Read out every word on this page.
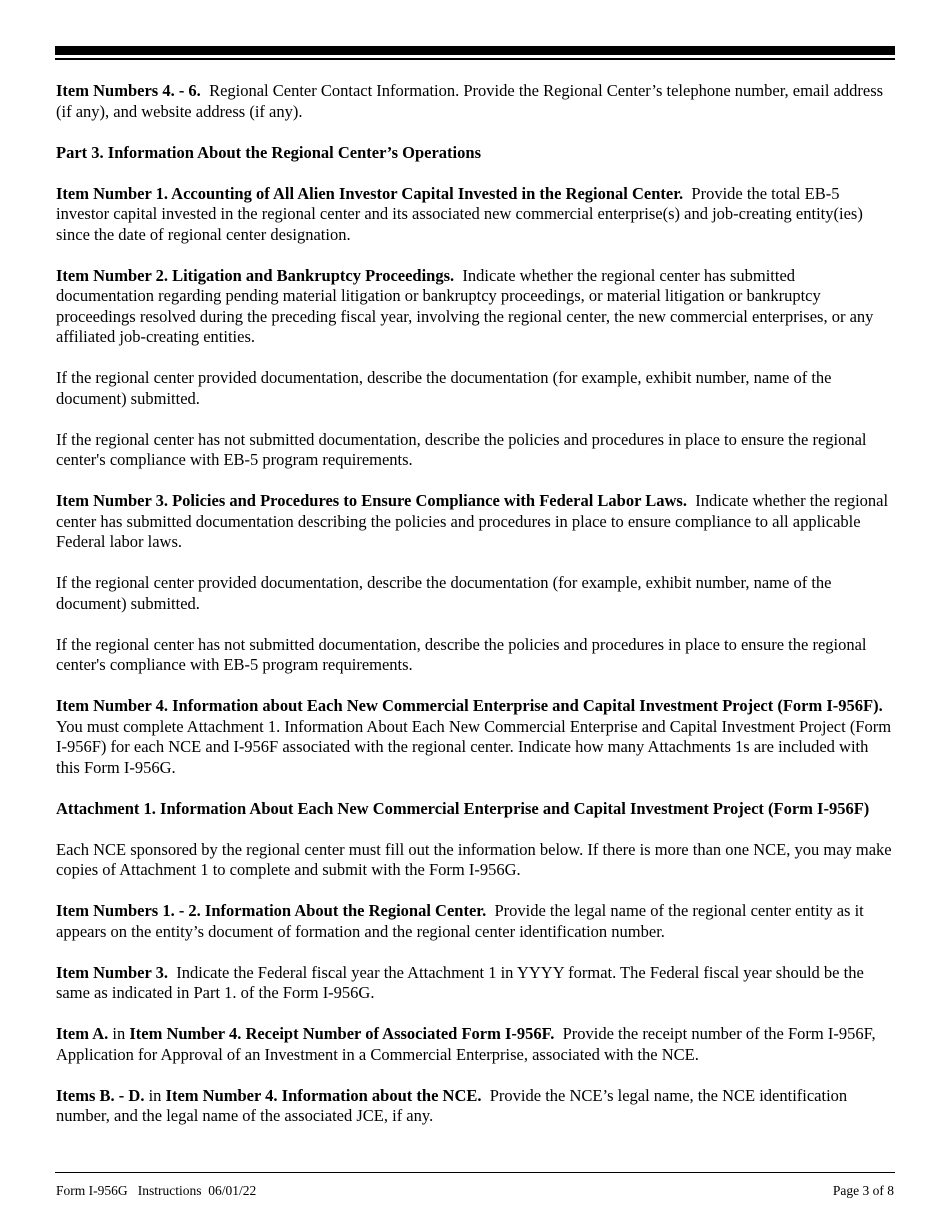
Item Numbers 4. - 6. Regional Center Contact Information. Provide the Regional Center’s telephone number, email address (if any), and website address (if any).

Part 3. Information About the Regional Center’s Operations

Item Number 1. Accounting of All Alien Investor Capital Invested in the Regional Center. Provide the total EB-5 investor capital invested in the regional center and its associated new commercial enterprise(s) and job-creating entity(ies) since the date of regional center designation.

Item Number 2. Litigation and Bankruptcy Proceedings. Indicate whether the regional center has submitted documentation regarding pending material litigation or bankruptcy proceedings, or material litigation or bankruptcy proceedings resolved during the preceding fiscal year, involving the regional center, the new commercial enterprises, or any affiliated job-creating entities.

If the regional center provided documentation, describe the documentation (for example, exhibit number, name of the document) submitted.

If the regional center has not submitted documentation, describe the policies and procedures in place to ensure the regional center's compliance with EB-5 program requirements.

Item Number 3. Policies and Procedures to Ensure Compliance with Federal Labor Laws. Indicate whether the regional center has submitted documentation describing the policies and procedures in place to ensure compliance to all applicable Federal labor laws.

If the regional center provided documentation, describe the documentation (for example, exhibit number, name of the document) submitted.

If the regional center has not submitted documentation, describe the policies and procedures in place to ensure the regional center's compliance with EB-5 program requirements.

Item Number 4. Information about Each New Commercial Enterprise and Capital Investment Project (Form I-956F).  You must complete Attachment 1. Information About Each New Commercial Enterprise and Capital Investment Project (Form I-956F) for each NCE and I-956F associated with the regional center. Indicate how many Attachments 1s are included with this Form I-956G.

Attachment 1. Information About Each New Commercial Enterprise and Capital Investment Project (Form I-956F)

Each NCE sponsored by the regional center must fill out the information below. If there is more than one NCE, you may make copies of Attachment 1 to complete and submit with the Form I-956G.

Item Numbers 1. - 2. Information About the Regional Center. Provide the legal name of the regional center entity as it appears on the entity’s document of formation and the regional center identification number.

Item Number 3. Indicate the Federal fiscal year the Attachment 1 in YYYY format. The Federal fiscal year should be the same as indicated in Part 1. of the Form I-956G.

Item A. in Item Number 4. Receipt Number of Associated Form I-956F. Provide the receipt number of the Form I-956F, Application for Approval of an Investment in a Commercial Enterprise, associated with the NCE.

Items B. - D. in Item Number 4. Information about the NCE. Provide the NCE’s legal name, the NCE identification number, and the legal name of the associated JCE, if any.

Form I-956G   Instructions  06/01/22	Page 3 of 8
